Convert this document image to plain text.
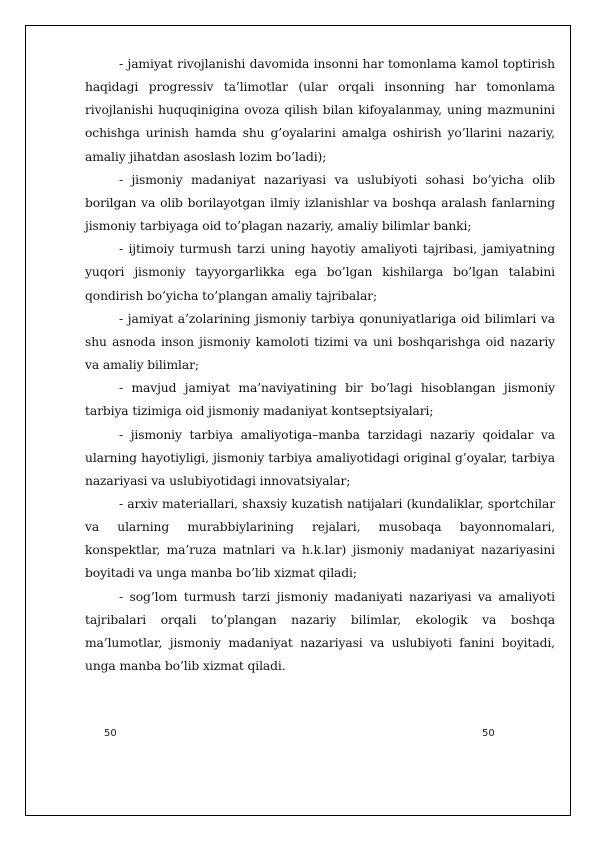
- jamiyat rivojlanishi davomida insonni har tomonlama kamol toptirish haqidagi progressiv ta’limotlar (ular orqali insonning har tomonlama rivojlanishi huquqinigina ovoza qilish bilan kifoyalanmay, uning mazmunini ochishga urinish hamda shu g’oyalarini amalga oshirish yo’llarini nazariy, amaliy jihatdan asoslash lozim bo’ladi);

- jismoniy madaniyat nazariyasi va uslubiyoti sohasi bo’yicha olib borilgan va olib borilayotgan ilmiy izlanishlar va boshqa aralash fanlarning jismoniy tarbiyaga oid to’plagan nazariy, amaliy bilimlar banki;

- ijtimoiy turmush tarzi uning hayotiy amaliyoti tajribasi, jamiyatning yuqori jismoniy tayyorgarlikka ega bo’lgan kishilarga bo’lgan talabini qondirish bo’yicha to’plangan amaliy tajribalar;

- jamiyat a’zolarining jismoniy tarbiya qonuniyatlariga oid bilimlari va shu asnoda inson jismoniy kamoloti tizimi va uni boshqarishga oid nazariy va amaliy bilimlar;

- mavjud jamiyat ma’naviyatining bir bo’lagi hisoblangan jismoniy tarbiya tizimiga oid jismoniy madaniyat kontseptsiyalari;

- jismoniy tarbiya amaliyotiga–manba tarzidagi nazariy qoidalar va ularning hayotiyligi, jismoniy tarbiya amaliyotidagi original g’oyalar, tarbiya nazariyasi va uslubiyotidagi innovatsiyalar;

- arxiv materiallari, shaxsiy kuzatish natijalari (kundaliklar, sportchilar va ularning murabbiylarining rejalari, musobaqa bayonnomalari, konspektlar, ma’ruza matnlari va h.k.lar) jismoniy madaniyat nazariyasini boyitadi va unga manba bo’lib xizmat qiladi;

- sog’lom turmush tarzi jismoniy madaniyati nazariyasi va amaliyoti tajribalari orqali to’plangan nazariy bilimlar, ekologik va boshqa ma’lumotlar, jismoniy madaniyat nazariyasi va uslubiyoti fanini boyitadi, unga manba bo’lib xizmat qiladi.

50	50
